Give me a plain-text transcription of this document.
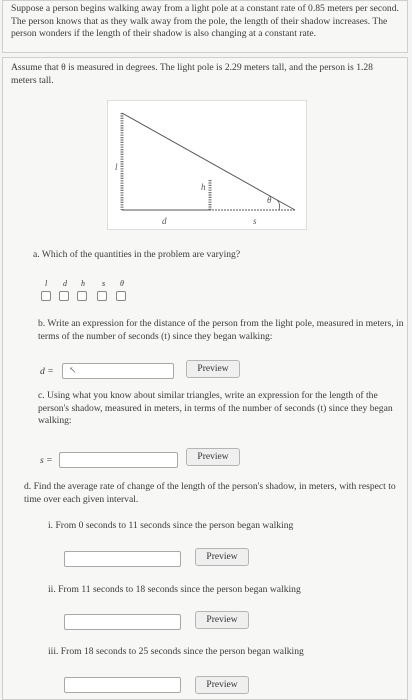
Suppose a person begins walking away from a light pole at a constant rate of 0.85 meters per second. The person knows that as they walk away from the pole, the length of their shadow increases. The person wonders if the length of their shadow is also changing at a constant rate.
Assume that θ is measured in degrees. The light pole is 2.29 meters tall, and the person is 1.28 meters tall.
l
h
θ
d	s
a. Which of the quantities in the problem are varying?
l d h s θ
b. Write an expression for the distance of the person from the light pole, measured in meters, in terms of the number of seconds (t) since they began walking:
d = ↖	Preview
c. Using what you know about similar triangles, write an expression for the length of the person's shadow, measured in meters, in terms of the number of seconds (t) since they began walking:
s =	Preview
d. Find the average rate of change of the length of the person's shadow, in meters, with respect to time over each given interval.
i. From 0 seconds to 11 seconds since the person began walking
Preview
ii. From 11 seconds to 18 seconds since the person began walking
Preview
iii. From 18 seconds to 25 seconds since the person began walking
Preview
